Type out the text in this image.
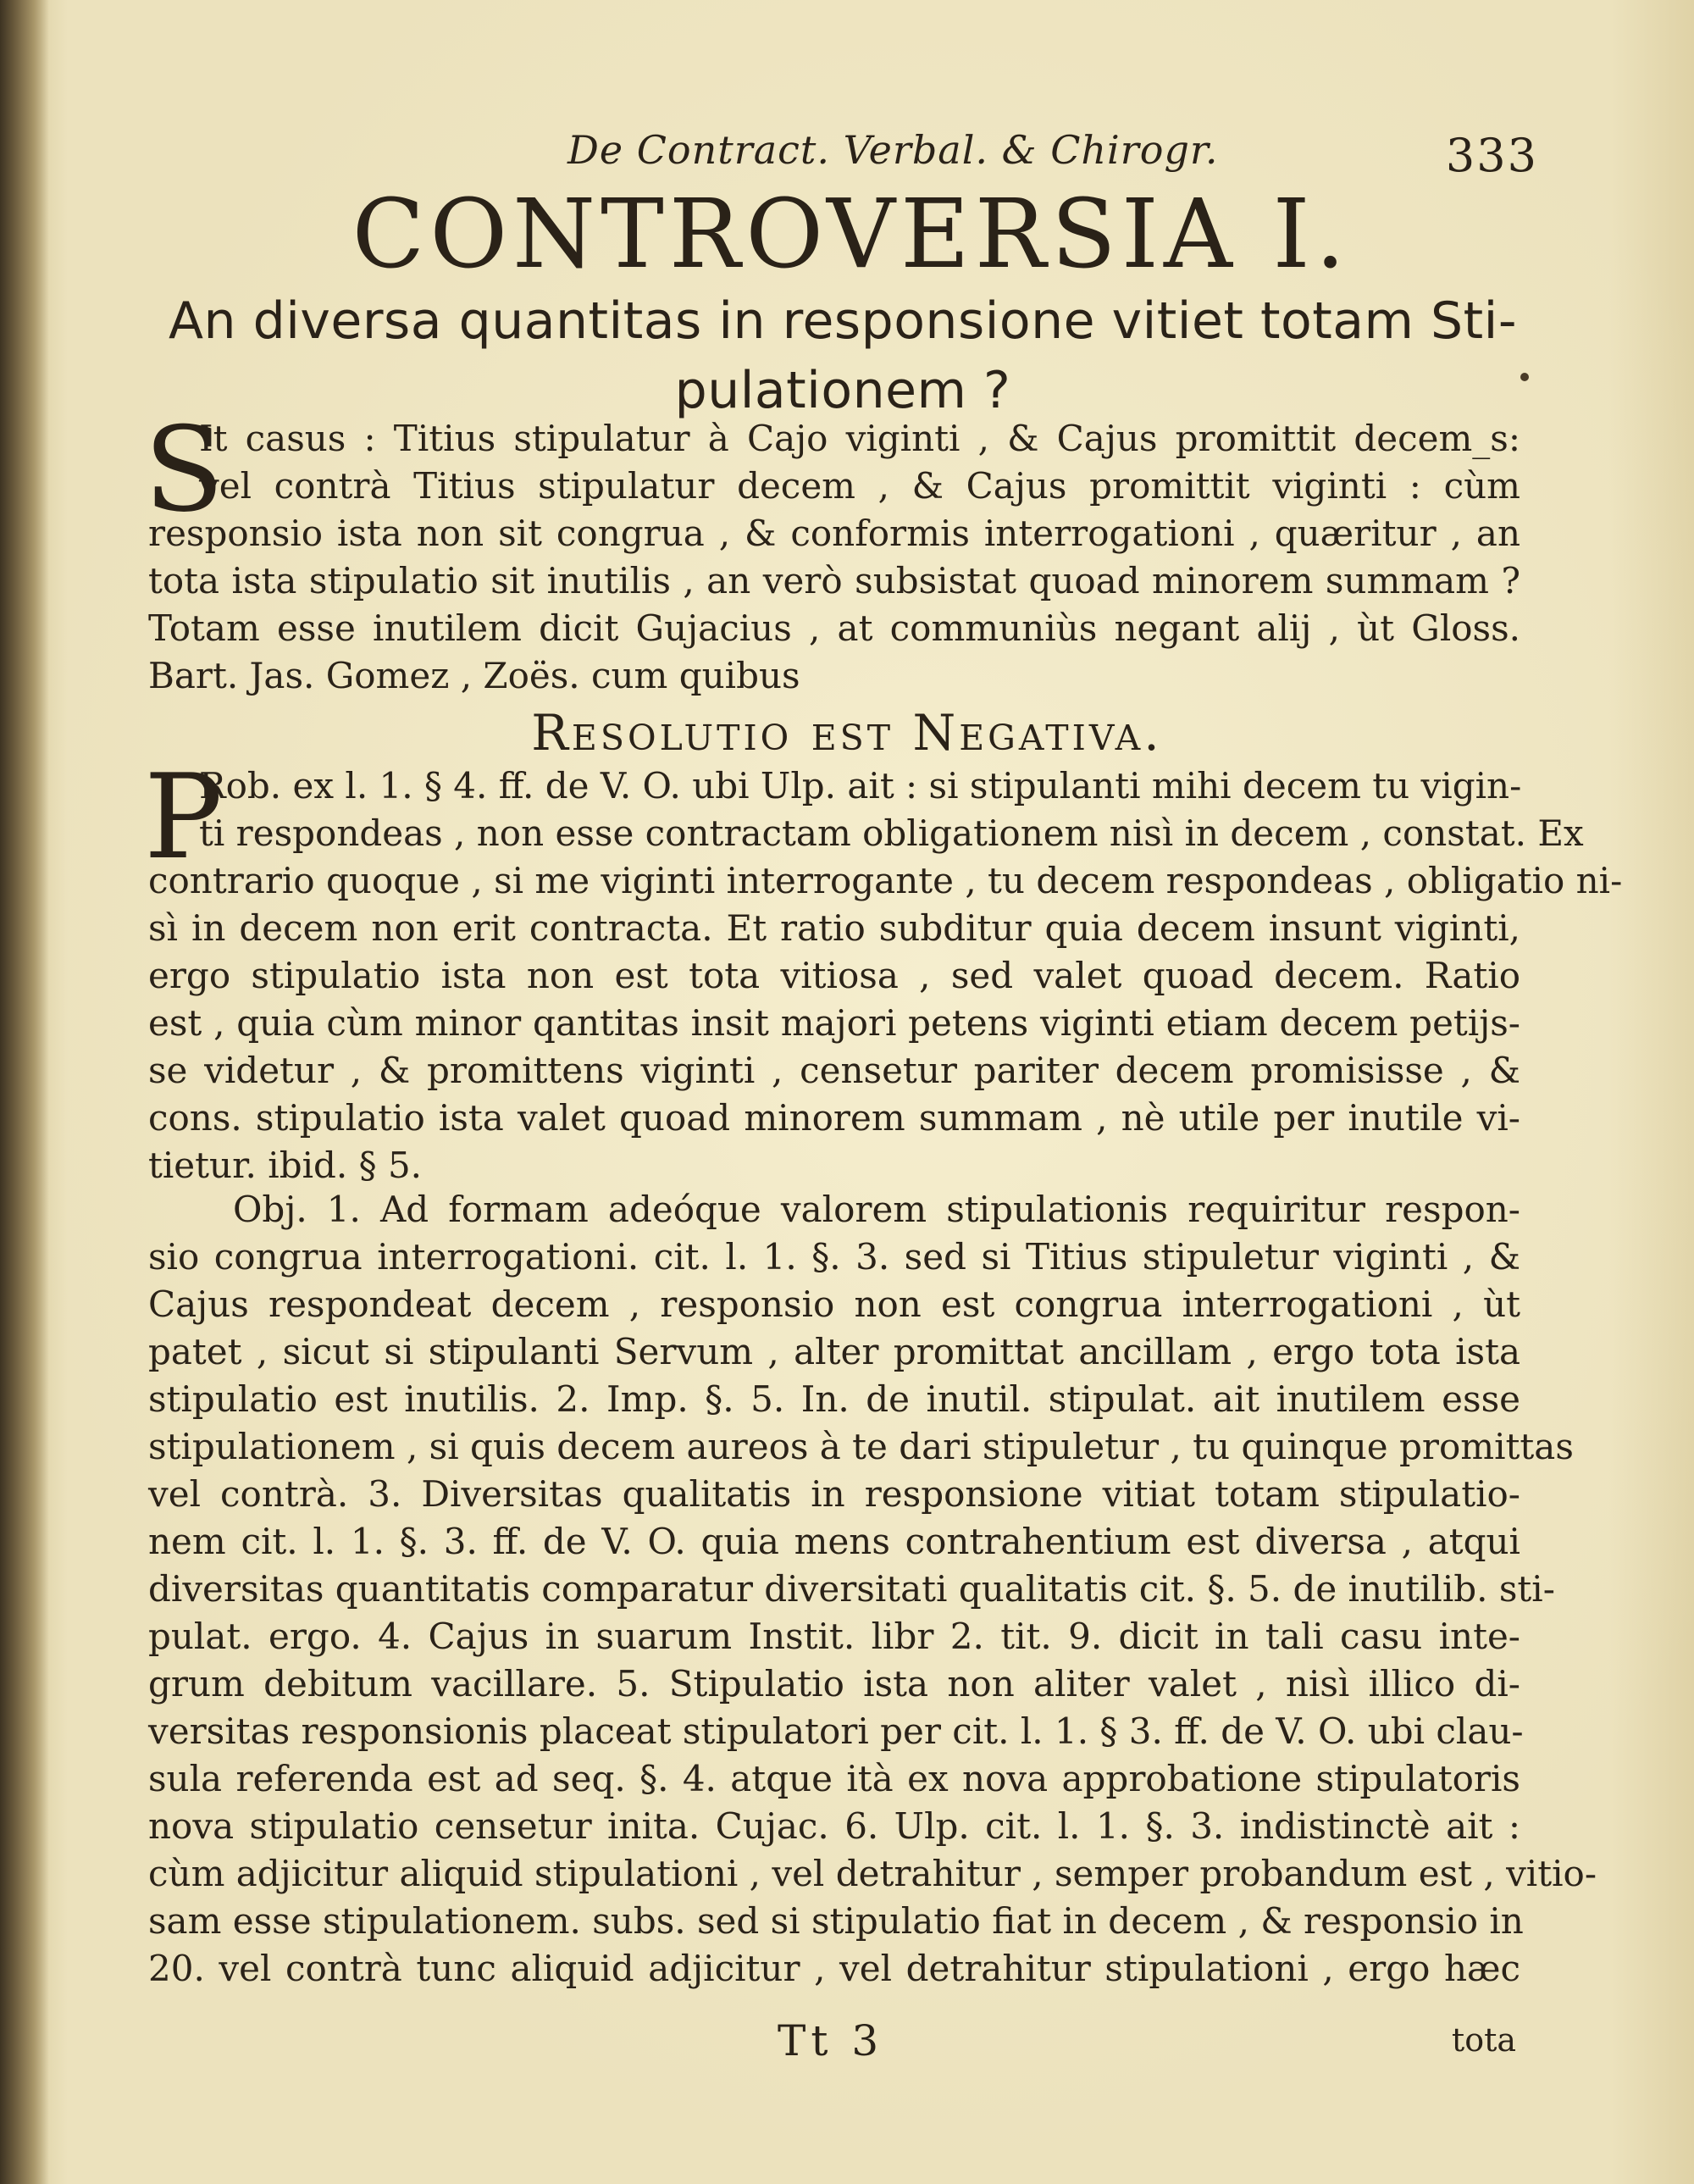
De Contract. Verbal. & Chirogr.	333
CONTROVERSIA I.
An diversa quantitas in responsione vitiet totam Sti-
pulationem ?
S
It casus : Titius stipulatur à Cajo viginti , & Cajus promittit decem_s:
vel contrà Titius stipulatur decem , & Cajus promittit viginti : cùm
responsio ista non sit congrua , & conformis interrogationi , quæritur , an
tota ista stipulatio sit inutilis , an verò subsistat quoad minorem summam ?
Totam esse inutilem dicit Gujacius , at communiùs negant alij , ùt Gloss.
Bart. Jas. Gomez , Zoës. cum quibus
Resolutio est Negativa.
P
Rob. ex l. 1. § 4. ff. de V. O. ubi Ulp. ait : si stipulanti mihi decem tu vigin-
ti respondeas , non esse contractam obligationem nisì in decem , constat. Ex
contrario quoque , si me viginti interrogante , tu decem respondeas , obligatio ni-
sì in decem non erit contracta. Et ratio subditur quia decem insunt viginti,
ergo stipulatio ista non est tota vitiosa , sed valet quoad decem. Ratio
est , quia cùm minor qantitas insit majori petens viginti etiam decem petijs-
se videtur , & promittens viginti , censetur pariter decem promisisse , &
cons. stipulatio ista valet quoad minorem summam , nè utile per inutile vi-
tietur. ibid. § 5.
Obj. 1. Ad formam adeóque valorem stipulationis requiritur respon-
sio congrua interrogationi. cit. l. 1. §. 3. sed si Titius stipuletur viginti , &
Cajus respondeat decem , responsio non est congrua interrogationi , ùt
patet , sicut si stipulanti Servum , alter promittat ancillam , ergo tota ista
stipulatio est inutilis. 2. Imp. §. 5. In. de inutil. stipulat. ait inutilem esse
stipulationem , si quis decem aureos à te dari stipuletur , tu quinque promittas
vel contrà. 3. Diversitas qualitatis in responsione vitiat totam stipulatio-
nem cit. l. 1. §. 3. ff. de V. O. quia mens contrahentium est diversa , atqui
diversitas quantitatis comparatur diversitati qualitatis cit. §. 5. de inutilib. sti-
pulat. ergo. 4. Cajus in suarum Instit. libr 2. tit. 9. dicit in tali casu inte-
grum debitum vacillare. 5. Stipulatio ista non aliter valet , nisì illico di-
versitas responsionis placeat stipulatori per cit. l. 1. § 3. ff. de V. O. ubi clau-
sula referenda est ad seq. §. 4. atque ità ex nova approbatione stipulatoris
nova stipulatio censetur inita. Cujac. 6. Ulp. cit. l. 1. §. 3. indistinctè ait :
cùm adjicitur aliquid stipulationi , vel detrahitur , semper probandum est , vitio-
sam esse stipulationem. subs. sed si stipulatio fiat in decem , & responsio in
20. vel contrà tunc aliquid adjicitur , vel detrahitur stipulationi , ergo hæc
Tt 3	tota
